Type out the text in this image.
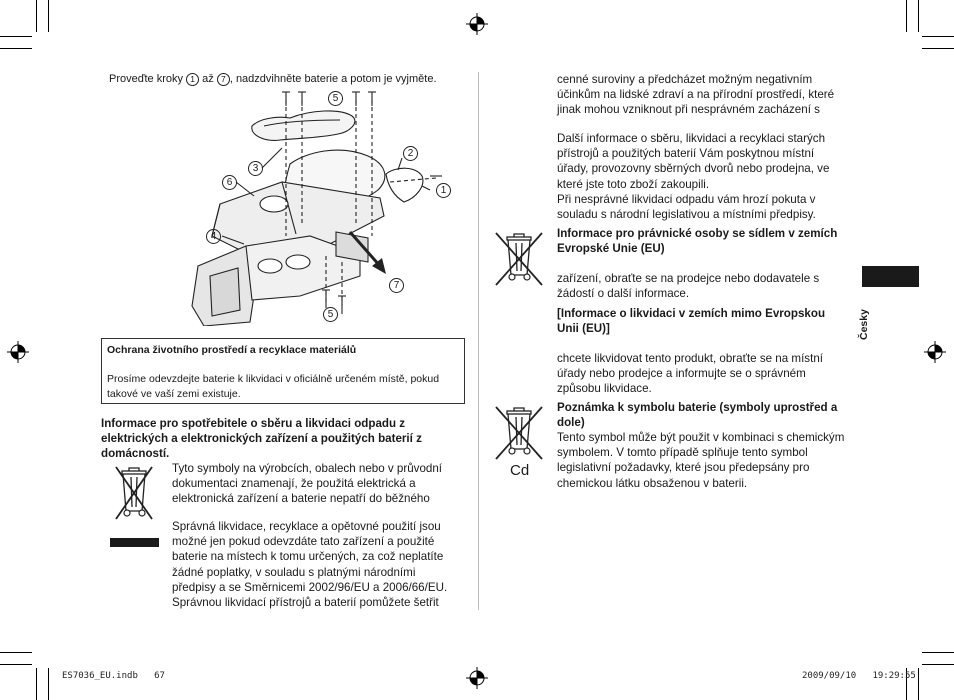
Proveďte kroky 1 až 7 , nadzdvihněte baterie a potom je vyjměte.
5
2
3
6
1
4
7
5

Ochrana životního prostředí a recyklace materiálů

Prosíme odevzdejte baterie k likvidaci v oficiálně určeném místě, pokud

takové ve vaší zemi existuje.

Informace pro spotřebitele o sběru a likvidaci odpadu z

elektrických a elektronických zařízení a použitých baterií z

domácností.

Tyto symboly na výrobcích, obalech nebo v průvodní

dokumentaci znamenají, že použitá elektrická a

elektronická zařízení a baterie nepatří do běžného

Správná likvidace, recyklace a opětovné použití jsou

možné jen pokud odevzdáte tato zařízení a použité

baterie na místech k tomu určených, za což neplatíte

žádné poplatky, v souladu s platnými národními

předpisy a se Směrnicemi 2002/96/EU a 2006/66/EU.

Správnou likvidací přístrojů a baterií pomůžete šetřit

cenné suroviny a předcházet možným negativním

účinkům na lidské zdraví a na přírodní prostředí, které

jinak mohou vzniknout při nesprávném zacházení s

Další informace o sběru, likvidaci a recyklaci starých

přístrojů a použitých baterií Vám poskytnou místní

úřady, provozovny sběrných dvorů nebo prodejna, ve

které jste toto zboží zakoupili.

Při nesprávné likvidaci odpadu vám hrozí pokuta v

souladu s národní legislativou a místními předpisy.

Informace pro právnické osoby se sídlem v zemích

Evropské Unie (EU)

zařízení, obraťte se na prodejce nebo dodavatele s

žádostí o další informace.

[Informace o likvidaci v zemích mimo Evropskou

Unii (EU)]

chcete likvidovat tento produkt, obraťte se na místní

úřady nebo prodejce a informujte se o správném

způsobu likvidace.

Cd

Poznámka k symbolu baterie (symboly uprostřed a

dole)

Tento symbol může být použit v kombinaci s chemickým

symbolem. V tomto případě splňuje tento symbol

legislativní požadavky, které jsou předepsány pro

chemickou látku obsaženou v baterii.

Česky
ES7036_EU.indb   67	2009/09/10   19:29:55
